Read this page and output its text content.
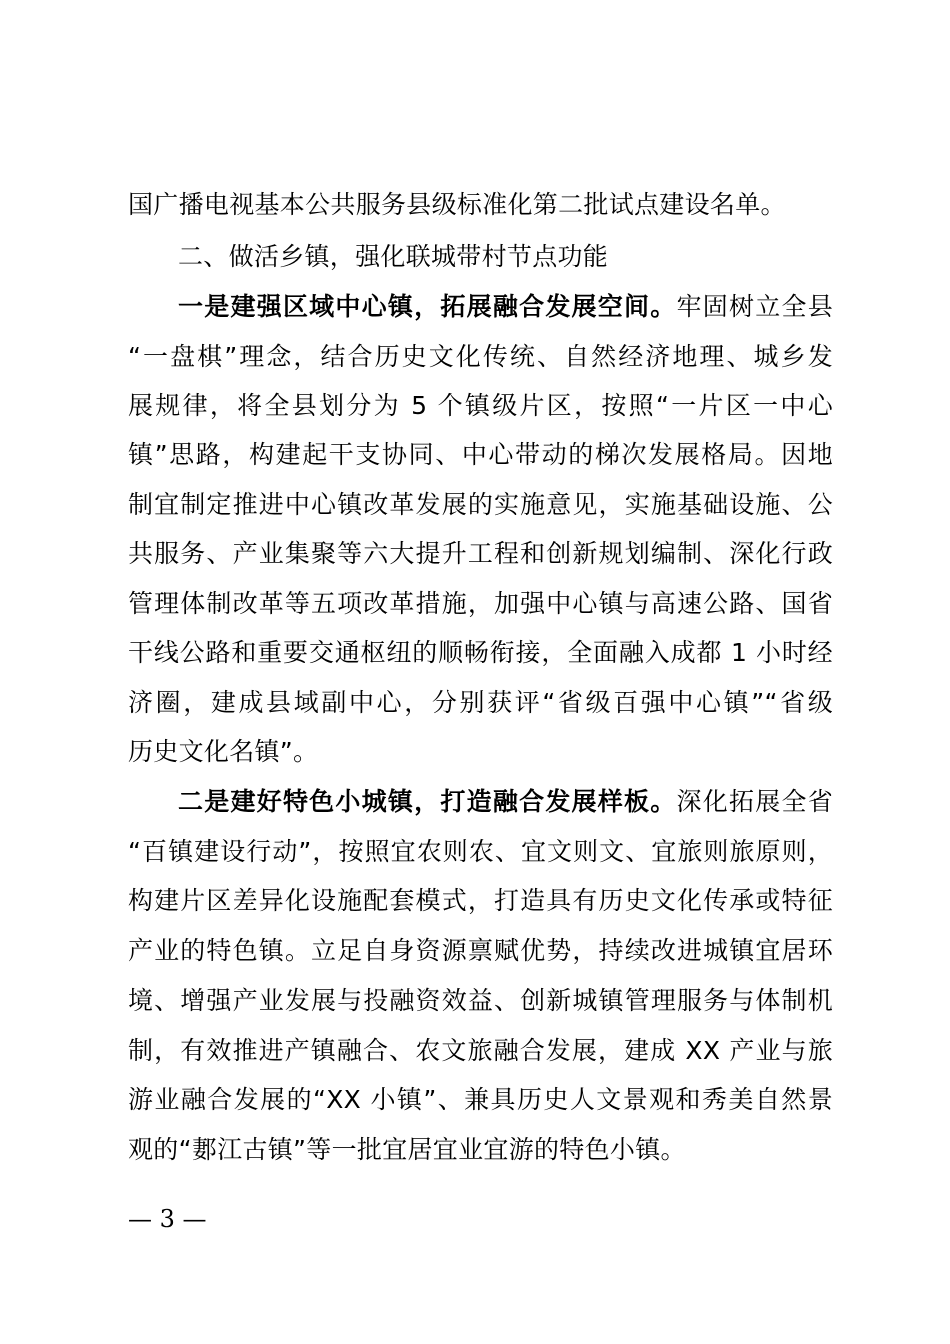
国广播电视基本公共服务县级标准化第二批试点建设名单。
二、做活乡镇，强化联城带村节点功能
一是建强区域中心镇，拓展融合发展空间。牢固树立全县
“一盘棋”理念，结合历史文化传统、自然经济地理、城乡发
展规律，将全县划分为 5 个镇级片区，按照“一片区一中心
镇”思路，构建起干支协同、中心带动的梯次发展格局。因地
制宜制定推进中心镇改革发展的实施意见，实施基础设施、公
共服务、产业集聚等六大提升工程和创新规划编制、深化行政
管理体制改革等五项改革措施，加强中心镇与高速公路、国省
干线公路和重要交通枢纽的顺畅衔接，全面融入成都 1 小时经
济圈，建成县域副中心，分别获评“省级百强中心镇”“省级
历史文化名镇”。
二是建好特色小城镇，打造融合发展样板。深化拓展全省
“百镇建设行动”，按照宜农则农、宜文则文、宜旅则旅原则，
构建片区差异化设施配套模式，打造具有历史文化传承或特征
产业的特色镇。立足自身资源禀赋优势，持续改进城镇宜居环
境、增强产业发展与投融资效益、创新城镇管理服务与体制机
制，有效推进产镇融合、农文旅融合发展，建成 XX 产业与旅
游业融合发展的“XX 小镇”、兼具历史人文景观和秀美自然景
观的“郪江古镇”等一批宜居宜业宜游的特色小镇。
— 3 —
